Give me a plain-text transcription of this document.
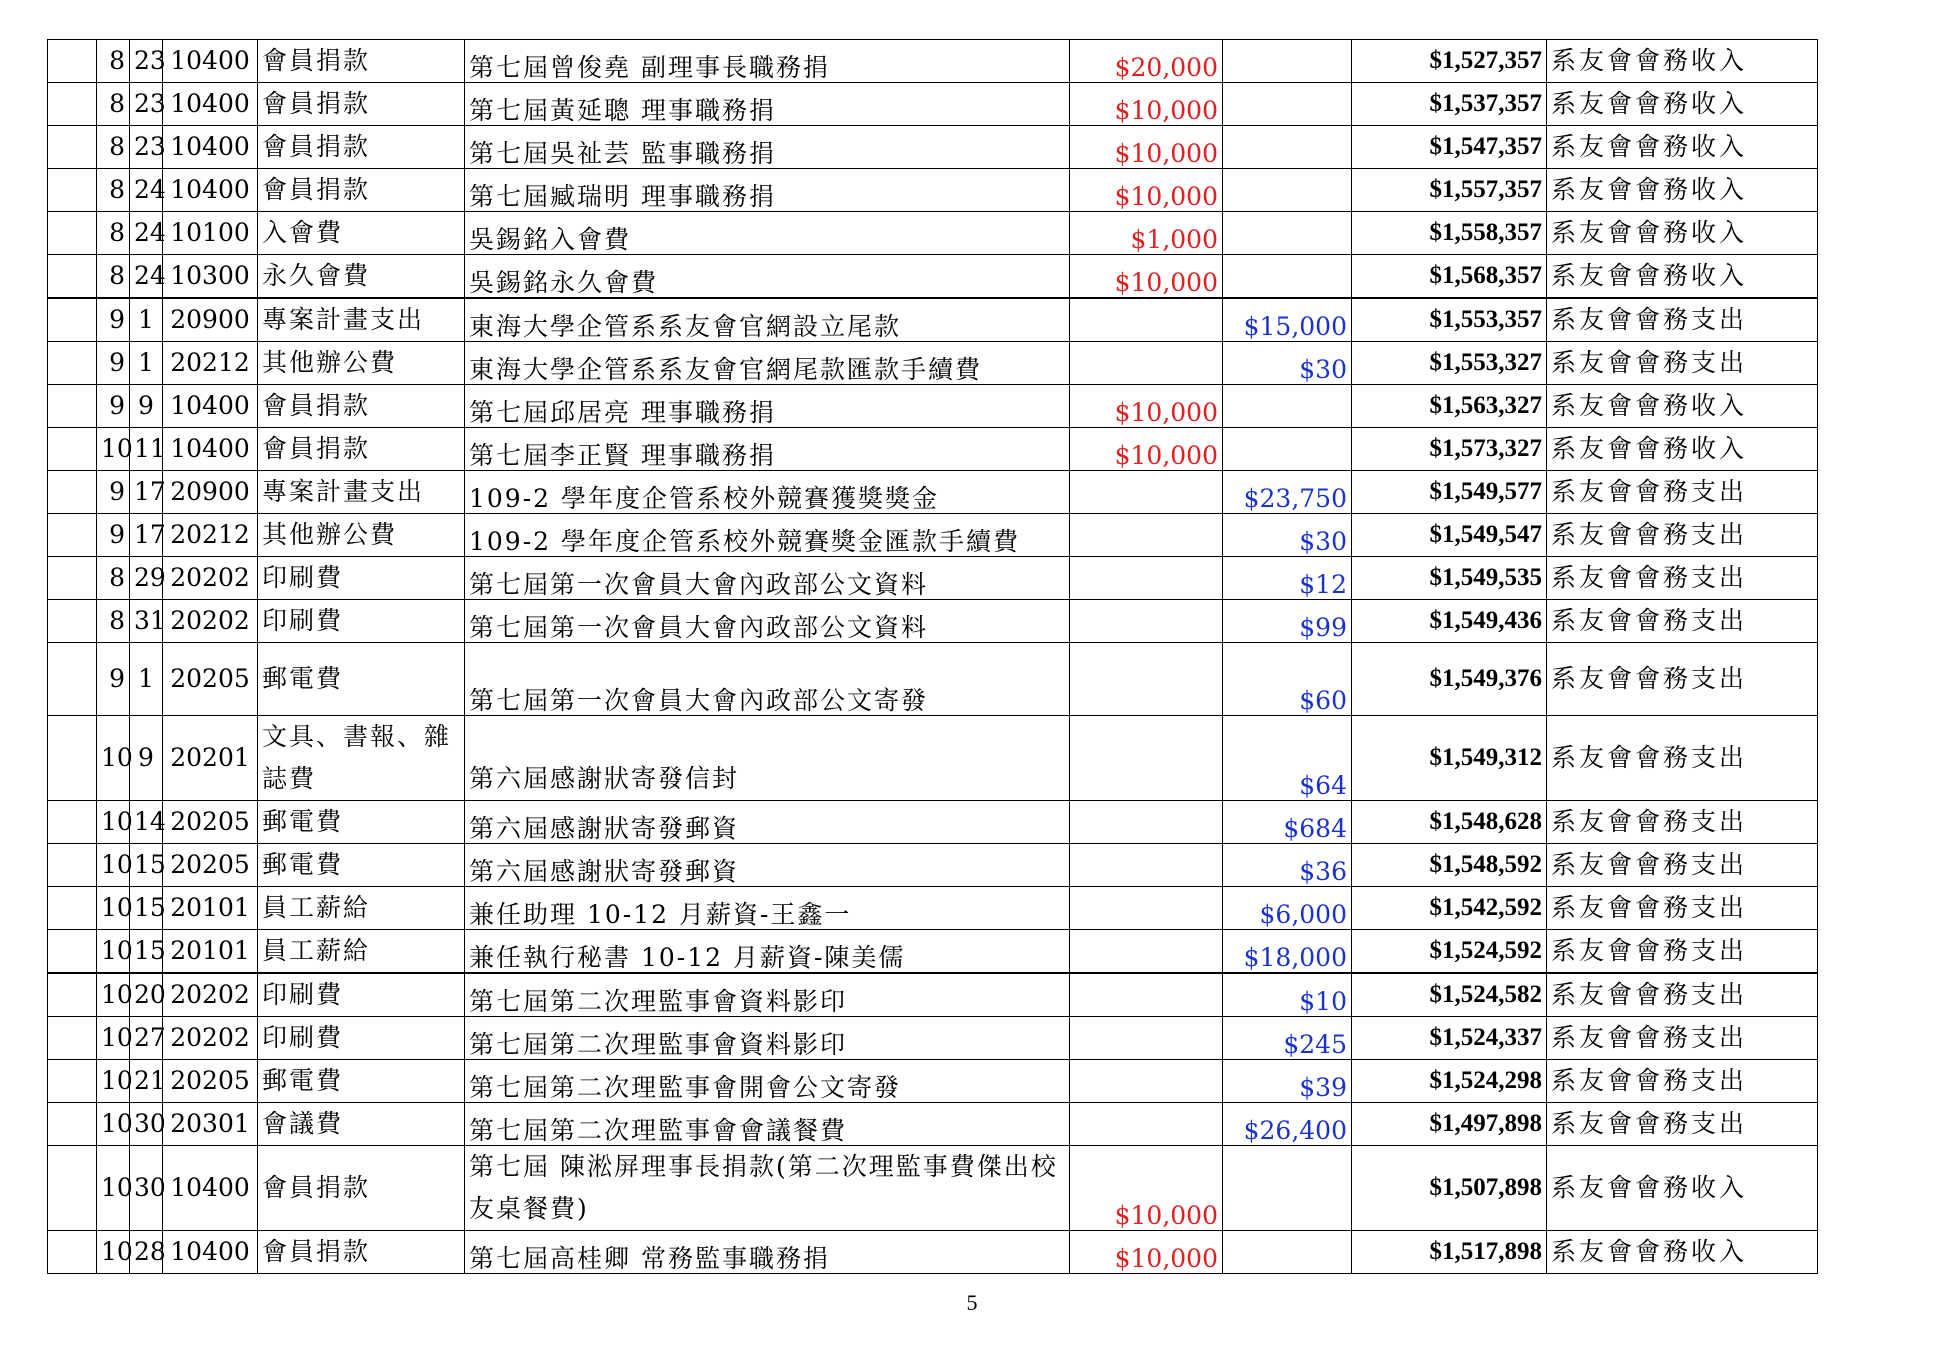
	8	23	10400	會員捐款	第七屆曾俊堯 副理事長職務捐	$20,000		$1,527,357	系友會會務收入
	8	23	10400	會員捐款	第七屆黃延聰 理事職務捐	$10,000		$1,537,357	系友會會務收入
	8	23	10400	會員捐款	第七屆吳祉芸 監事職務捐	$10,000		$1,547,357	系友會會務收入
	8	24	10400	會員捐款	第七屆臧瑞明 理事職務捐	$10,000		$1,557,357	系友會會務收入
	8	24	10100	入會費	吳錫銘入會費	$1,000		$1,558,357	系友會會務收入
	8	24	10300	永久會費	吳錫銘永久會費	$10,000		$1,568,357	系友會會務收入
	9	1	20900	專案計畫支出	東海大學企管系系友會官網設立尾款		$15,000	$1,553,357	系友會會務支出
	9	1	20212	其他辦公費	東海大學企管系系友會官網尾款匯款手續費		$30	$1,553,327	系友會會務支出
	9	9	10400	會員捐款	第七屆邱居亮 理事職務捐	$10,000		$1,563,327	系友會會務收入
	10	11	10400	會員捐款	第七屆李正賢 理事職務捐	$10,000		$1,573,327	系友會會務收入
	9	17	20900	專案計畫支出	109-2 學年度企管系校外競賽獲獎獎金		$23,750	$1,549,577	系友會會務支出
	9	17	20212	其他辦公費	109-2 學年度企管系校外競賽獎金匯款手續費		$30	$1,549,547	系友會會務支出
	8	29	20202	印刷費	第七屆第一次會員大會內政部公文資料		$12	$1,549,535	系友會會務支出
	8	31	20202	印刷費	第七屆第一次會員大會內政部公文資料		$99	$1,549,436	系友會會務支出
	9	1	20205	郵電費	第七屆第一次會員大會內政部公文寄發		$60	$1,549,376	系友會會務支出
	10	9	20201	文具、書報、雜誌費	第六屆感謝狀寄發信封		$64	$1,549,312	系友會會務支出
	10	14	20205	郵電費	第六屆感謝狀寄發郵資		$684	$1,548,628	系友會會務支出
	10	15	20205	郵電費	第六屆感謝狀寄發郵資		$36	$1,548,592	系友會會務支出
	10	15	20101	員工薪給	兼任助理 10-12 月薪資-王鑫一		$6,000	$1,542,592	系友會會務支出
	10	15	20101	員工薪給	兼任執行秘書 10-12 月薪資-陳美儒		$18,000	$1,524,592	系友會會務支出
	10	20	20202	印刷費	第七屆第二次理監事會資料影印		$10	$1,524,582	系友會會務支出
	10	27	20202	印刷費	第七屆第二次理監事會資料影印		$245	$1,524,337	系友會會務支出
	10	21	20205	郵電費	第七屆第二次理監事會開會公文寄發		$39	$1,524,298	系友會會務支出
	10	30	20301	會議費	第七屆第二次理監事會會議餐費		$26,400	$1,497,898	系友會會務支出
	10	30	10400	會員捐款	第七屆 陳淞屏理事長捐款(第二次理監事費傑出校友桌餐費)	$10,000		$1,507,898	系友會會務收入
	10	28	10400	會員捐款	第七屆高桂卿 常務監事職務捐	$10,000		$1,517,898	系友會會務收入
5
